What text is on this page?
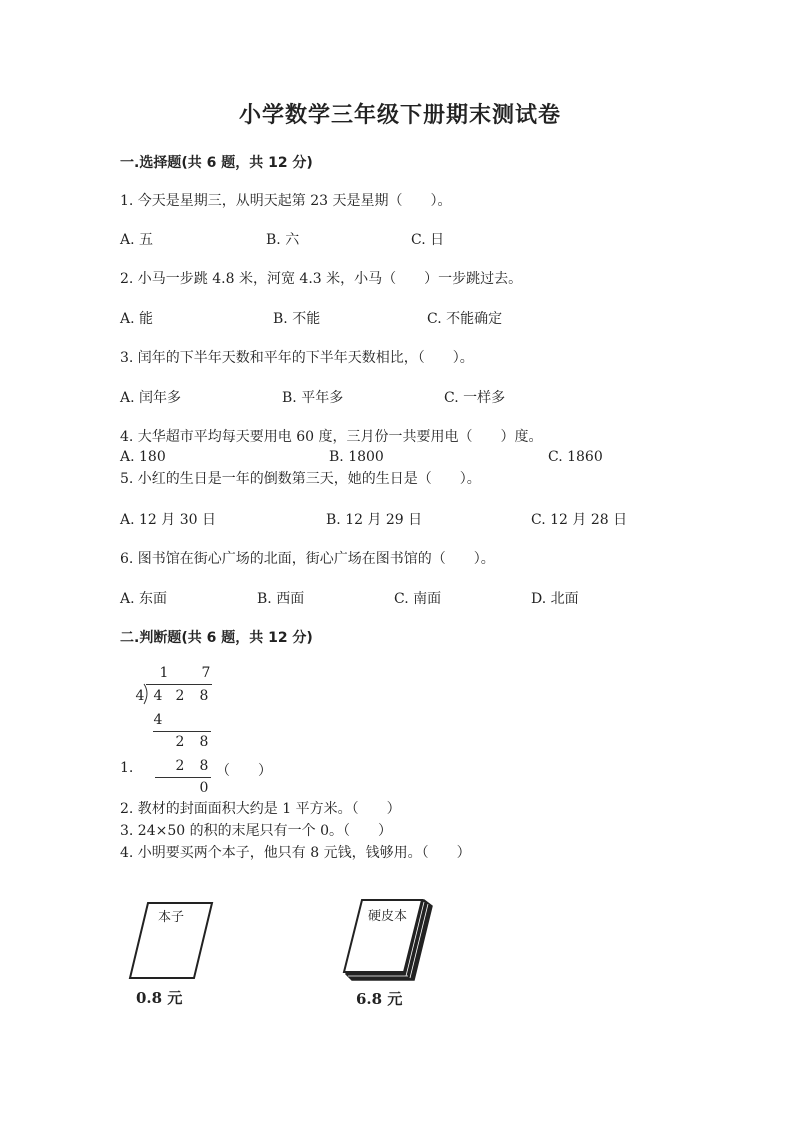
小学数学三年级下册期末测试卷
一.选择题(共 6 题，共 12 分)
1. 今天是星期三，从明天起第 23 天是星期（　　）。
A. 五	B. 六	C. 日
2. 小马一步跳 4.8 米，河宽 4.3 米，小马（　　）一步跳过去。
A. 能	B. 不能	C. 不能确定
3. 闰年的下半年天数和平年的下半年天数相比，（　　）。
A. 闰年多	B. 平年多	C. 一样多
4. 大华超市平均每天要用电 60 度，三月份一共要用电（　　）度。
A. 180	B. 1800	C. 1860
5. 小红的生日是一年的倒数第三天，她的生日是（　　）。
A. 12 月 30 日	B. 12 月 29 日	C. 12 月 28 日
6. 图书馆在街心广场的北面，街心广场在图书馆的（　　）。
A. 东面	B. 西面	C. 南面	D. 北面
二.判断题(共 6 题，共 12 分)
1 7
4 4 2 8
4
2 8
1.	2 8 （　　）
0
2. 教材的封面面积大约是 1 平方米。（　　）
3. 24×50 的积的末尾只有一个 0。（　　）
4. 小明要买两个本子，他只有 8 元钱，钱够用。（　　）
本子
0.8 元
硬皮本
6.8 元
